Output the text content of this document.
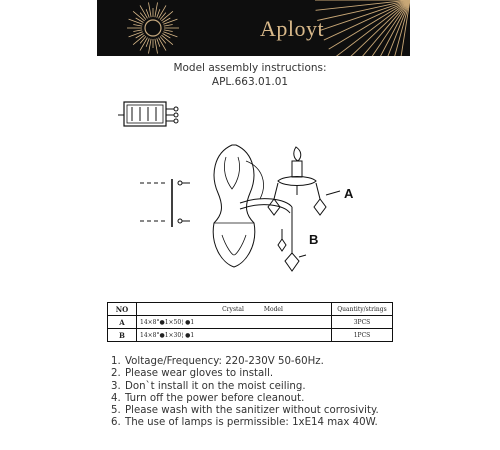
Aployt
Model assembly instructions:
APL.663.01.01
A
B
NO	Crystal Model	Quantity/strings
A	14×8°●1×50¦ ●1	3PCS
B	14×8°●1×30¦ ●1	1PCS
1. Voltage/Frequency: 220-230V 50-60Hz.
2. Please wear gloves to install.
3. Don`t install it on the moist ceiling.
4. Turn off the power before cleanout.
5. Please wash with the sanitizer without corrosivity.
6. The use of lamps is permissible: 1xE14 max 40W.
